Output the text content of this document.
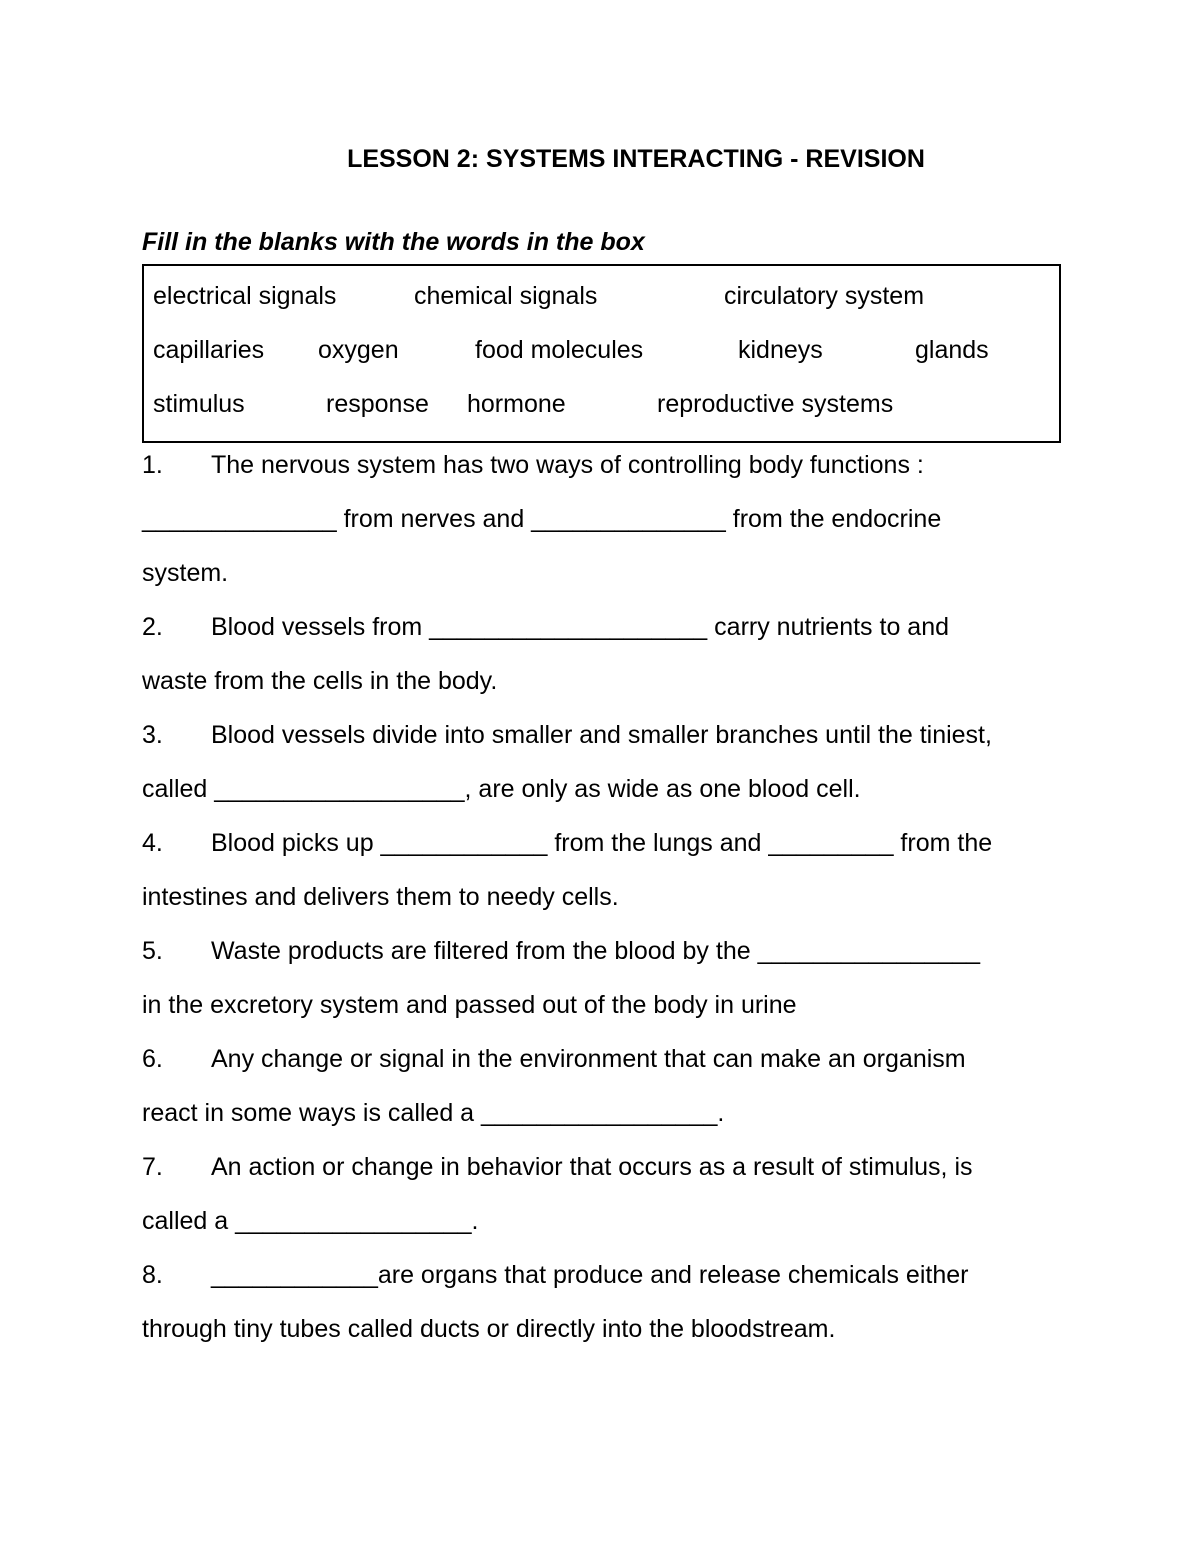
LESSON 2: SYSTEMS INTERACTING - REVISION
Fill in the blanks with the words in the box
electrical signals	chemical signals	circulatory system
capillaries oxygen	food molecules	kidneys	glands
stimulus	response hormone	reproductive systems
1.	The nervous system has two ways of controlling body functions :
______________ from nerves and ______________ from the endocrine
system.
2.	Blood vessels from ____________________ carry nutrients to and
waste from the cells in the body.
3.	Blood vessels divide into smaller and smaller branches until the tiniest,
called __________________, are only as wide as one blood cell.
4.	Blood picks up ____________ from the lungs and _________ from the
intestines and delivers them to needy cells.
5.	Waste products are filtered from the blood by the ________________
in the excretory system and passed out of the body in urine
6.	Any change or signal in the environment that can make an organism
react in some ways is called a _________________.
7.	An action or change in behavior that occurs as a result of stimulus, is
called a _________________.
8.	____________are organs that produce and release chemicals either
through tiny tubes called ducts or directly into the bloodstream.
